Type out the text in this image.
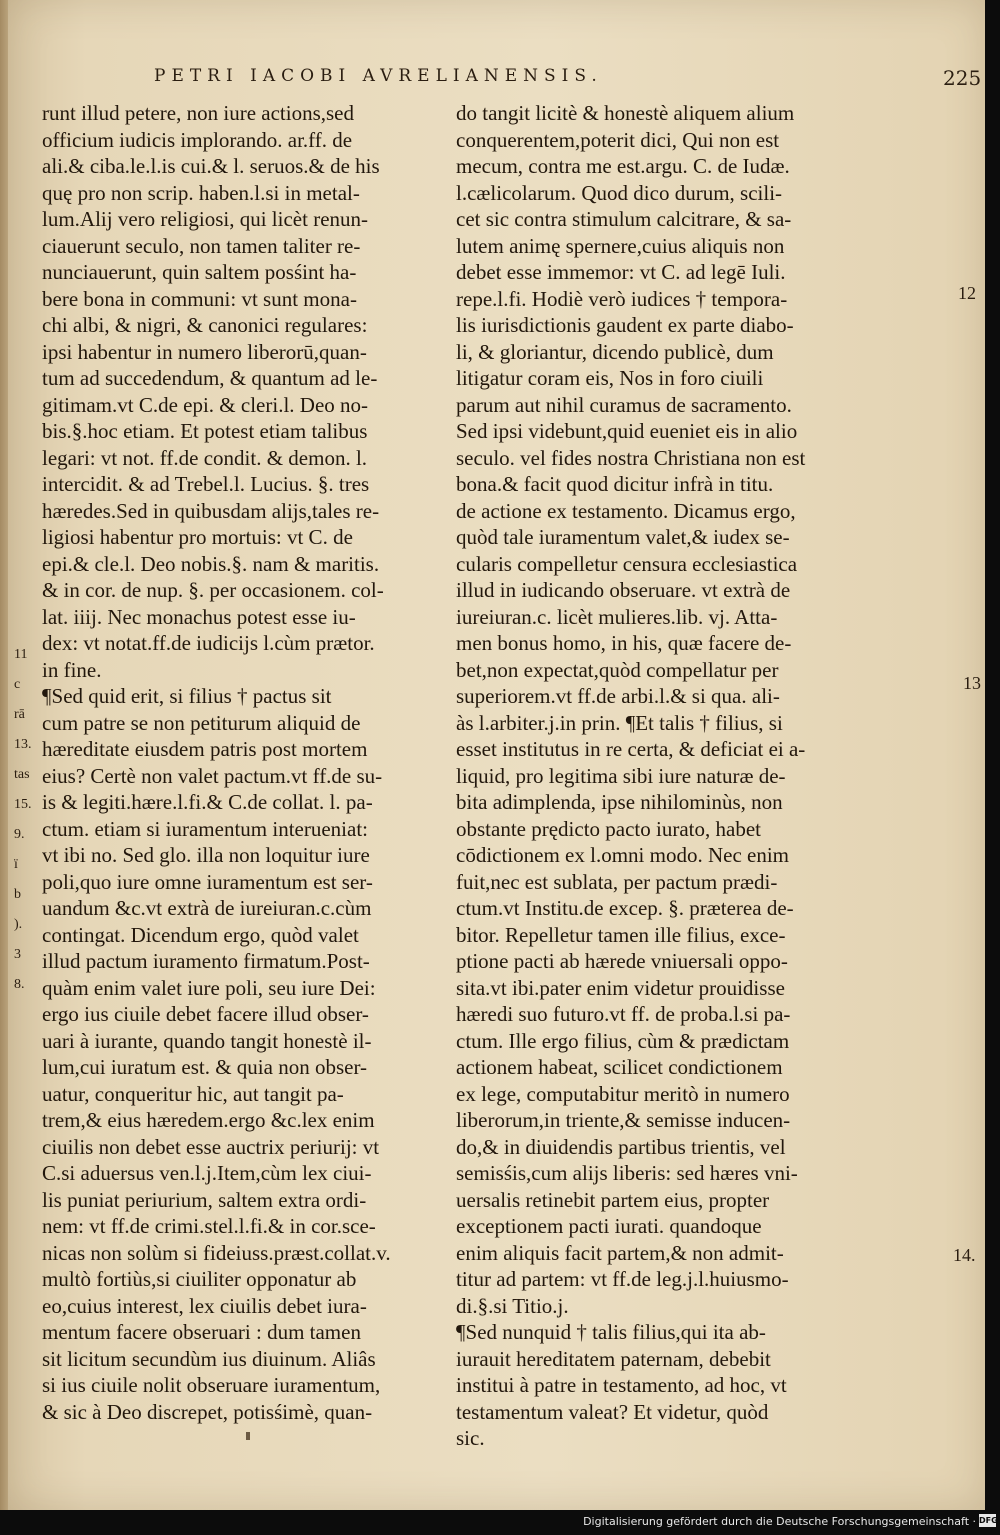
PETRI IACOBI AVRELIANENSIS.	225
runt illud petere, non iure actions,sed
officium iudicis implorando. ar.ff. de
ali.& ciba.le.l.is cui.& l. seruos.& de his
quę pro non scrip. haben.l.si in metal-
lum.Alij vero religiosi, qui licèt renun-
ciauerunt seculo, non tamen taliter re-
nunciauerunt, quin saltem posśint ha-
bere bona in communi: vt sunt mona-
chi albi, & nigri, & canonici regulares:
ipsi habentur in numero liberorū,quan-
tum ad succedendum, & quantum ad le-
gitimam.vt C.de epi. & cleri.l. Deo no-
bis.§.hoc etiam. Et potest etiam talibus
legari: vt not. ff.de condit. & demon. l.
intercidit. & ad Trebel.l. Lucius. §. tres
hæredes.Sed in quibusdam alijs,tales re-
ligiosi habentur pro mortuis: vt C. de
epi.& cle.l. Deo nobis.§. nam & maritis.
& in cor. de nup. §. per occasionem. col-
lat. iiij. Nec monachus potest esse iu-
dex: vt notat.ff.de iudicijs l.cùm prætor.
in fine.
¶Sed quid erit, si filius † pactus sit
cum patre se non petiturum aliquid de
hæreditate eiusdem patris post mortem
eius? Certè non valet pactum.vt ff.de su-
is & legiti.hære.l.fi.& C.de collat. l. pa-
ctum. etiam si iuramentum interueniat:
vt ibi no. Sed glo. illa non loquitur iure
poli,quo iure omne iuramentum est ser-
uandum &c.vt extrà de iureiuran.c.cùm
contingat. Dicendum ergo, quòd valet
illud pactum iuramento firmatum.Post-
quàm enim valet iure poli, seu iure Dei:
ergo ius ciuile debet facere illud obser-
uari à iurante, quando tangit honestè il-
lum,cui iuratum est. & quia non obser-
uatur, conqueritur hic, aut tangit pa-
trem,& eius hæredem.ergo &c.lex enim
ciuilis non debet esse auctrix periurij: vt
C.si aduersus ven.l.j.Item,cùm lex ciui-
lis puniat periurium, saltem extra ordi-
nem: vt ff.de crimi.stel.l.fi.& in cor.sce-
nicas non solùm si fideiuss.præst.collat.v.
multò fortiùs,si ciuiliter opponatur ab
eo,cuius interest, lex ciuilis debet iura-
mentum facere obseruari : dum tamen
sit licitum secundùm ius diuinum. Aliâs
si ius ciuile nolit obseruare iuramentum,
& sic à Deo discrepet, potisśimè, quan-
do tangit licitè & honestè aliquem alium
conquerentem,poterit dici, Qui non est
mecum, contra me est.argu. C. de Iudæ.
l.cælicolarum. Quod dico durum, scili-
cet sic contra stimulum calcitrare, & sa-
lutem animę spernere,cuius aliquis non
debet esse immemor: vt C. ad legē Iuli.
repe.l.fi. Hodiè verò iudices † tempora-
lis iurisdictionis gaudent ex parte diabo-
li, & gloriantur, dicendo publicè, dum
litigatur coram eis, Nos in foro ciuili
parum aut nihil curamus de sacramento.
Sed ipsi videbunt,quid eueniet eis in alio
seculo. vel fides nostra Christiana non est
bona.& facit quod dicitur infrà in titu.
de actione ex testamento. Dicamus ergo,
quòd tale iuramentum valet,& iudex se-
cularis compelletur censura ecclesiastica
illud in iudicando obseruare. vt extrà de
iureiuran.c. licèt mulieres.lib. vj. Atta-
men bonus homo, in his, quæ facere de-
bet,non expectat,quòd compellatur per
superiorem.vt ff.de arbi.l.& si qua. ali-
às l.arbiter.j.in prin. ¶Et talis † filius, si
esset institutus in re certa, & deficiat ei a-
liquid, pro legitima sibi iure naturæ de-
bita adimplenda, ipse nihilominùs, non
obstante prędicto pacto iurato, habet
cōdictionem ex l.omni modo. Nec enim
fuit,nec est sublata, per pactum prædi-
ctum.vt Institu.de excep. §. præterea de-
bitor. Repelletur tamen ille filius, exce-
ptione pacti ab hærede vniuersali oppo-
sita.vt ibi.pater enim videtur prouidisse
hæredi suo futuro.vt ff. de proba.l.si pa-
ctum. Ille ergo filius, cùm & prædictam
actionem habeat, scilicet condictionem
ex lege, computabitur meritò in numero
liberorum,in triente,& semisse inducen-
do,& in diuidendis partibus trientis, vel
semisśis,cum alijs liberis: sed hæres vni-
uersalis retinebit partem eius, propter
exceptionem pacti iurati. quandoque
enim aliquis facit partem,& non admit-
titur ad partem: vt ff.de leg.j.l.huiusmo-
di.§.si Titio.j.
¶Sed nunquid † talis filius,qui ita ab-
iurauit hereditatem paternam, debebit
institui à patre in testamento, ad hoc, vt
testamentum valeat? Et videtur, quòd
sic.
11
c
rā
13.
tas
15.
9.
ï
b
).
3
8.
12
13
14.
Digitalisierung gefördert durch die Deutsche Forschungsgemeinschaft · DFG
